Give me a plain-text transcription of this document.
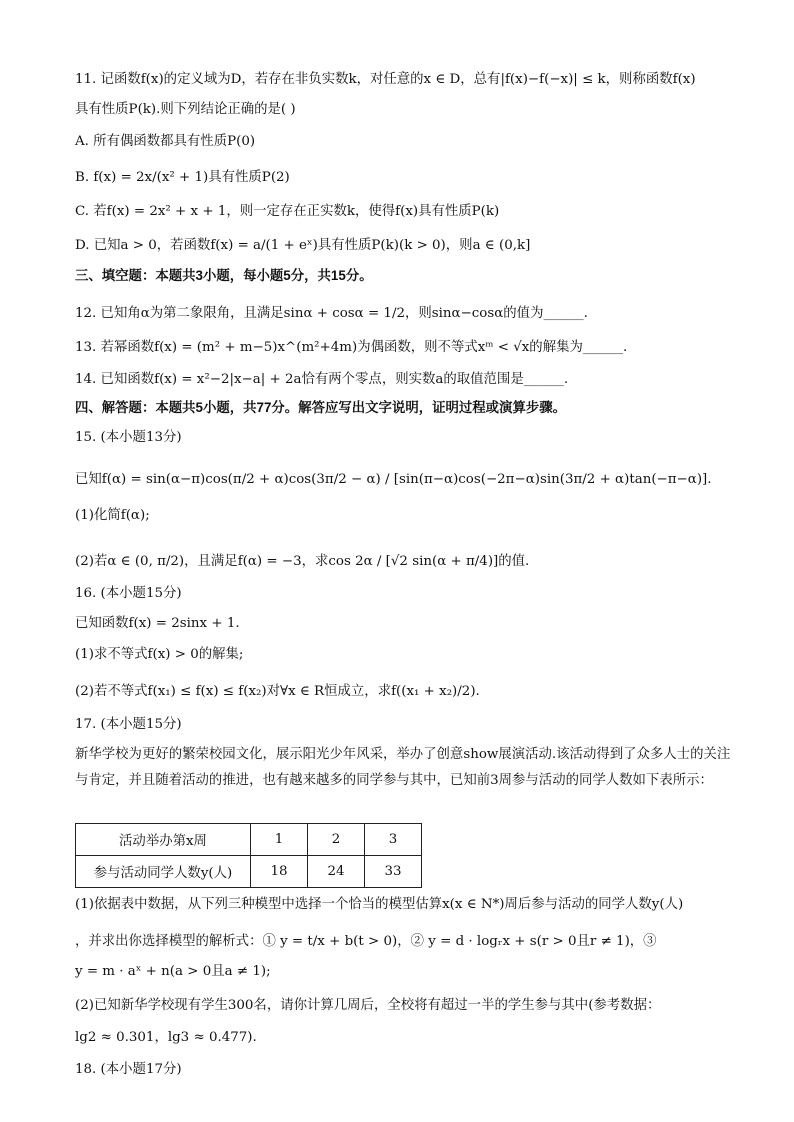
11. 记函数f(x)的定义域为D，若存在非负实数k，对任意的x ∈ D，总有|f(x)−f(−x)| ≤ k，则称函数f(x)
具有性质P(k).则下列结论正确的是( )
A. 所有偶函数都具有性质P(0)
B. f(x) = 2x/(x² + 1)具有性质P(2)
C. 若f(x) = 2x² + x + 1，则一定存在正实数k，使得f(x)具有性质P(k)
D. 已知a > 0，若函数f(x) = a/(1 + eˣ)具有性质P(k)(k > 0)，则a ∈ (0,k]
三、填空题：本题共3小题，每小题5分，共15分。
12. 已知角α为第二象限角，且满足sinα + cosα = 1/2，则sinα−cosα的值为______.
13. 若幂函数f(x) = (m² + m−5)x^(m²+4m)为偶函数，则不等式xᵐ < √x的解集为______.
14. 已知函数f(x) = x²−2|x−a| + 2a恰有两个零点，则实数a的取值范围是______.
四、解答题：本题共5小题，共77分。解答应写出文字说明，证明过程或演算步骤。
15. (本小题13分)
已知f(α) = sin(α−π)cos(π/2 + α)cos(3π/2 − α) / [sin(π−α)cos(−2π−α)sin(3π/2 + α)tan(−π−α)].
(1)化简f(α);
(2)若α ∈ (0, π/2)，且满足f(α) = −3，求cos 2α / [√2 sin(α + π/4)]的值.
16. (本小题15分)
已知函数f(x) = 2sinx + 1.
(1)求不等式f(x) > 0的解集;
(2)若不等式f(x₁) ≤ f(x) ≤ f(x₂)对∀x ∈ R恒成立，求f((x₁ + x₂)/2).
17. (本小题15分)
新华学校为更好的繁荣校园文化，展示阳光少年风采，举办了创意show展演活动.该活动得到了众多人士的关注与肯定，并且随着活动的推进，也有越来越多的同学参与其中，已知前3周参与活动的同学人数如下表所示：
活动举办第x周	1	2	3
参与活动同学人数y(人)	18	24	33
(1)依据表中数据，从下列三种模型中选择一个恰当的模型估算x(x ∈ N*)周后参与活动的同学人数y(人)
，并求出你选择模型的解析式：① y = t/x + b(t > 0)，② y = d · logᵣx + s(r > 0且r ≠ 1)，③
y = m · aˣ + n(a > 0且a ≠ 1);
(2)已知新华学校现有学生300名，请你计算几周后，全校将有超过一半的学生参与其中(参考数据：
lg2 ≈ 0.301，lg3 ≈ 0.477).
18. (本小题17分)
